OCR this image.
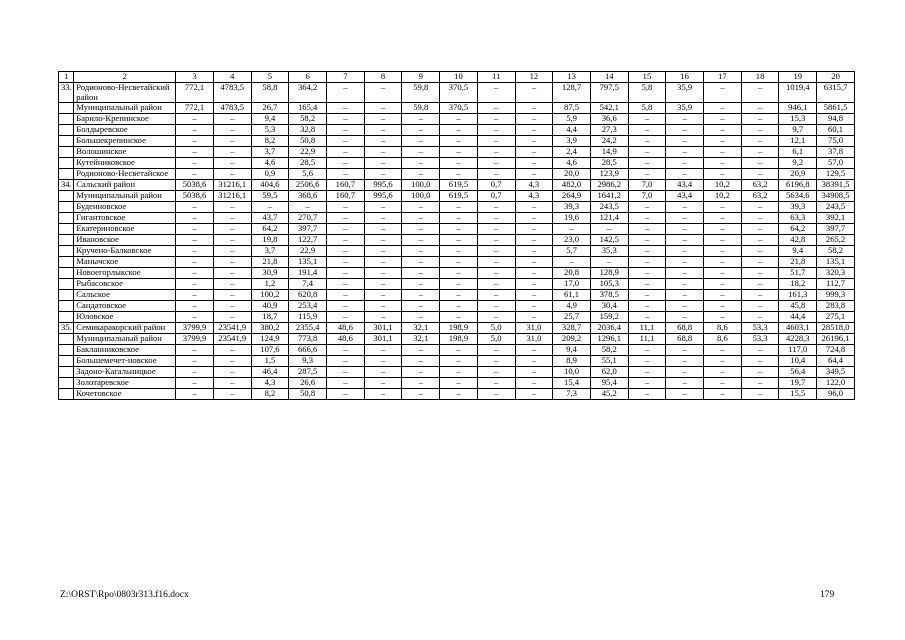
1	2	3	4	5	6	7	8	9	10	11	12	13	14	15	16	17	18	19	20
33.	Родионово-Несветайский район	772,1	4783,5	58,8	364,2	–	–	59,8	370,5	–	–	128,7	797,5	5,8	35,9	–	–	1019,4	6315,7
	Муниципальный район	772,1	4783,5	26,7	165,4	–	–	59,8	370,5	–	–	87,5	542,1	5,8	35,9	–	–	946,1	5861,5
	Барило-Крепинское	–	–	9,4	58,2	–	–	–	–	–	–	5,9	36,6	–	–	–	–	15,3	94,8
	Болдыревское	–	–	5,3	32,8	–	–	–	–	–	–	4,4	27,3	–	–	–	–	9,7	60,1
	Большекрепинское	–	–	8,2	50,8	–	–	–	–	–	–	3,9	24,2	–	–	–	–	12,1	75,0
	Волошинское	–	–	3,7	22,9	–	–	–	–	–	–	2,4	14,9	–	–	–	–	6,1	37,8
	Кутейниковское	–	–	4,6	28,5	–	–	–	–	–	–	4,6	28,5	–	–	–	–	9,2	57,0
	Родионово-Несветайское	–	–	0,9	5,6	–	–	–	–	–	–	20,0	123,9	–	–	–	–	20,9	129,5
34.	Сальский район	5038,6	31216,1	404,6	2506,6	160,7	995,6	100,0	619,5	0,7	4,3	482,0	2986,2	7,0	43,4	10,2	63,2	6196,8	38391,5
	Муниципальный район	5038,6	31216,1	59,5	368,6	160,7	995,6	100,0	619,5	0,7	4,3	264,9	1641,2	7,0	43,4	10,2	63,2	5634,6	34908,5
	Буденновское	–	–	–	–	–	–	–	–	–	–	39,3	243,5	–	–	–	–	39,3	243,5
	Гигантовское	–	–	43,7	270,7	–	–	–	–	–	–	19,6	121,4	–	–	–	–	63,3	392,1
	Екатериновское	–	–	64,2	397,7	–	–	–	–	–	–	–	–	–	–	–	–	64,2	397,7
	Ивановское	–	–	19,8	122,7	–	–	–	–	–	–	23,0	142,5	–	–	–	–	42,8	265,2
	Кручено-Балковское	–	–	3,7	22,9	–	–	–	–	–	–	5,7	35,3	–	–	–	–	9,4	58,2
	Манычское	–	–	21,8	135,1	–	–	–	–	–	–	–	–	–	–	–	–	21,8	135,1
	Новоегорлыкское	–	–	30,9	191,4	–	–	–	–	–	–	20,8	128,9	–	–	–	–	51,7	320,3
	Рыбасовское	–	–	1,2	7,4	–	–	–	–	–	–	17,0	105,3	–	–	–	–	18,2	112,7
	Сальское	–	–	100,2	620,8	–	–	–	–	–	–	61,1	378,5	–	–	–	–	161,3	999,3
	Сандатовское	–	–	40,9	253,4	–	–	–	–	–	–	4,9	30,4	–	–	–	–	45,8	283,8
	Юловское	–	–	18,7	115,9	–	–	–	–	–	–	25,7	159,2	–	–	–	–	44,4	275,1
35.	Семикаракорский район	3799,9	23541,9	380,2	2355,4	48,6	301,1	32,1	198,9	5,0	31,0	328,7	2036,4	11,1	68,8	8,6	53,3	4603,1	28518,0
	Муниципальный район	3799,9	23541,9	124,9	773,8	48,6	301,1	32,1	198,9	5,0	31,0	209,2	1296,1	11,1	68,8	8,6	53,3	4228,3	26196,1
	Бакланниковское	–	–	107,6	666,6	–	–	–	–	–	–	9,4	58,2	–	–	–	–	117,0	724,8
	Большемечет-новское	–	–	1,5	9,3	–	–	–	–	–	–	8,9	55,1	–	–	–	–	10,4	64,4
	Задоно-Кагальницкое	–	–	46,4	287,5	–	–	–	–	–	–	10,0	62,0	–	–	–	–	56,4	349,5
	Золотаревское	–	–	4,3	26,6	–	–	–	–	–	–	15,4	95,4	–	–	–	–	19,7	122,0
	Кочетовское	–	–	8,2	50,8	–	–	–	–	–	–	7,3	45,2	–	–	–	–	15,5	96,0
Z:\ORST\Rpo\0803r313.f16.docx	179
